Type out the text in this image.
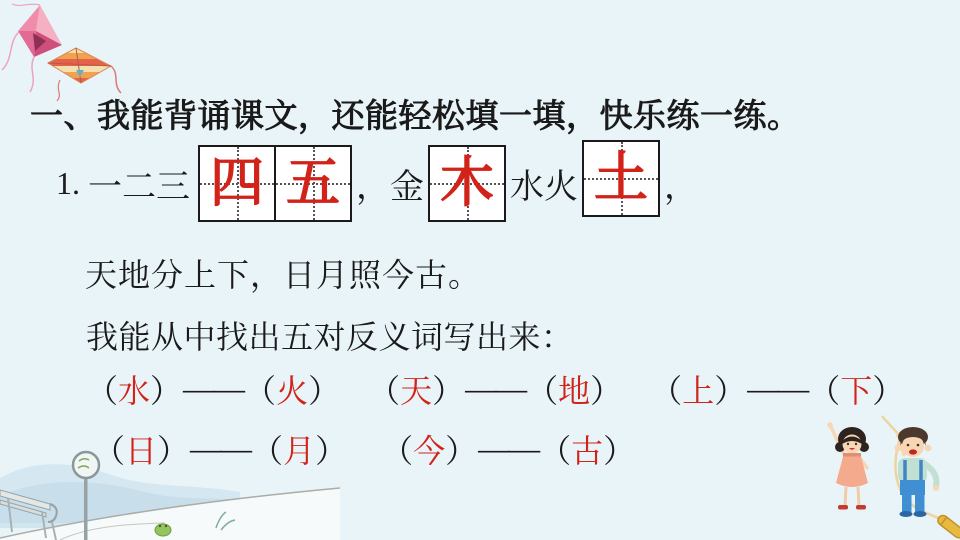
一、我能背诵课文，还能轻松填一填，快乐练一练。
1. 一二三 四 五 ，金 木 水火 土 ，
天地分上下，日月照今古。
我能从中找出五对反义词写出来：
（水）——（火） （天）——（地） （上）——（下）
（日）——（月） （今）——（古）
